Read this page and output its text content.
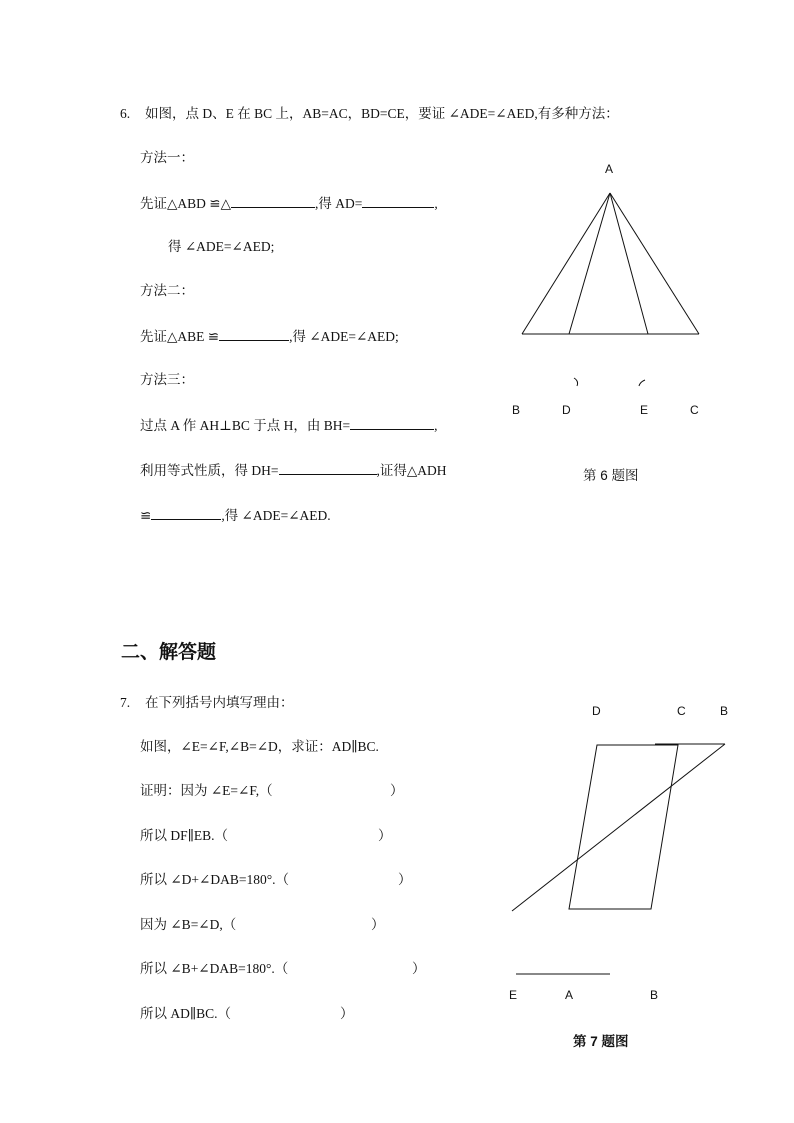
6. 如图，点 D、E 在 BC 上，AB=AC，BD=CE，要证 ∠ADE=∠AED,有多种方法：
方法一：
先证△ABD ≌△	,得 AD=	,
得 ∠ADE=∠AED;
方法二：
先证△ABE ≌	,得 ∠ADE=∠AED;
方法三：
过点 A 作 AH⊥BC 于点 H，由 BH=	,
利用等式性质，得 DH=	,证得△ADH
≌	,得 ∠ADE=∠AED.
A
B	D	E	C
第 6 题图
二、解答题
7. 在下列括号内填写理由：
如图，∠E=∠F,∠B=∠D，求证：AD∥BC.
证明：因为 ∠E=∠F,（	）
所以 DF∥EB.（	）
所以 ∠D+∠DAB=180°.（	）
因为 ∠B=∠D,（	）
所以 ∠B+∠DAB=180°.（	）
所以 AD∥BC.（	）
D	C	B
E	A	B
第 7 题图
